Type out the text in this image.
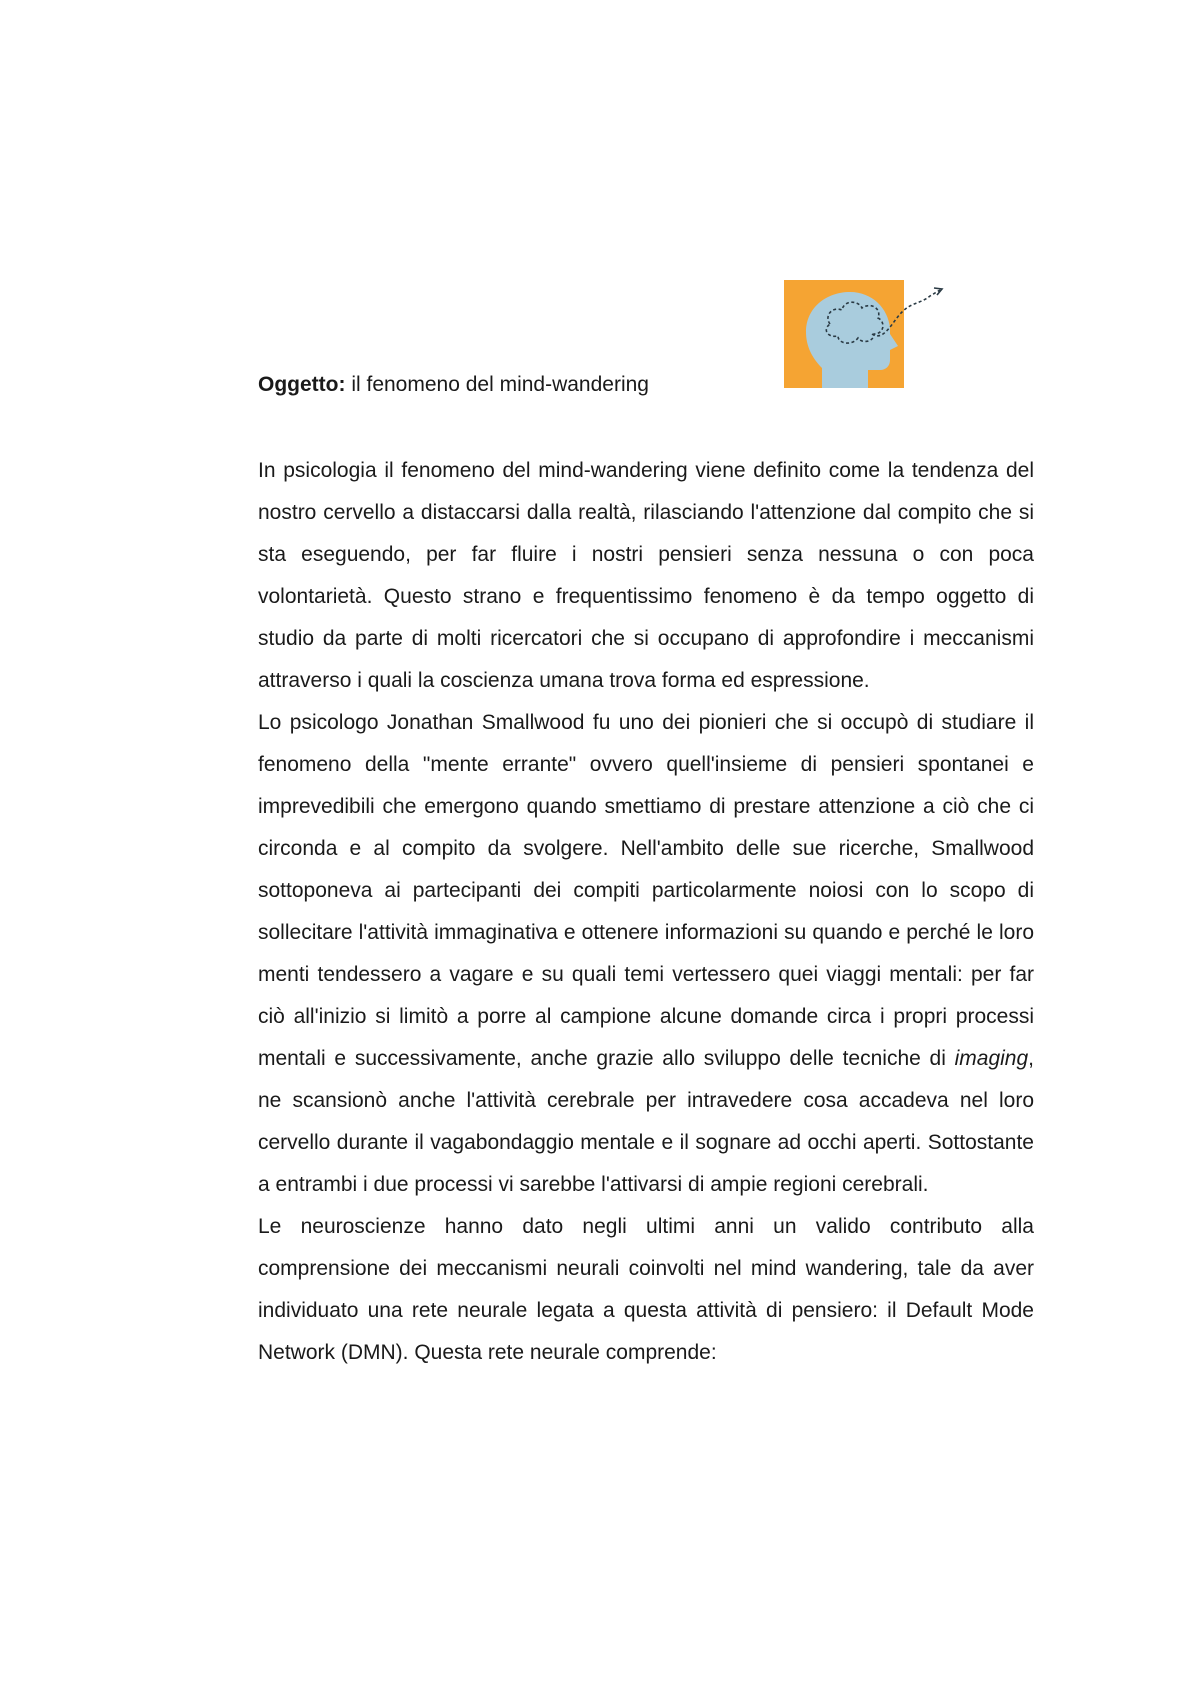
Oggetto: il fenomeno del mind-wandering

In psicologia il fenomeno del mind-wandering viene definito come la tendenza del nostro cervello a distaccarsi dalla realtà, rilasciando l'attenzione dal compito che si sta eseguendo, per far fluire i nostri pensieri senza nessuna o con poca volontarietà. Questo strano e frequentissimo fenomeno è da tempo oggetto di studio da parte di molti ricercatori che si occupano di approfondire i meccanismi attraverso i quali la coscienza umana trova forma ed espressione.

Lo psicologo Jonathan Smallwood fu uno dei pionieri che si occupò di studiare il fenomeno della "mente errante" ovvero quell'insieme di pensieri spontanei e imprevedibili che emergono quando smettiamo di prestare attenzione a ciò che ci circonda e al compito da svolgere. Nell'ambito delle sue ricerche, Smallwood sottoponeva ai partecipanti dei compiti particolarmente noiosi con lo scopo di sollecitare l'attività immaginativa e ottenere informazioni su quando e perché le loro menti tendessero a vagare e su quali temi vertessero quei viaggi mentali: per far ciò all'inizio si limitò a porre al campione alcune domande circa i propri processi mentali e successivamente, anche grazie allo sviluppo delle tecniche di imaging, ne scansionò anche l'attività cerebrale per intravedere cosa accadeva nel loro cervello durante il vagabondaggio mentale e il sognare ad occhi aperti. Sottostante a entrambi i due processi vi sarebbe l'attivarsi di ampie regioni cerebrali.

Le neuroscienze hanno dato negli ultimi anni un valido contributo alla comprensione dei meccanismi neurali coinvolti nel mind wandering, tale da aver individuato una rete neurale legata a questa attività di pensiero: il Default Mode Network (DMN). Questa rete neurale comprende:
